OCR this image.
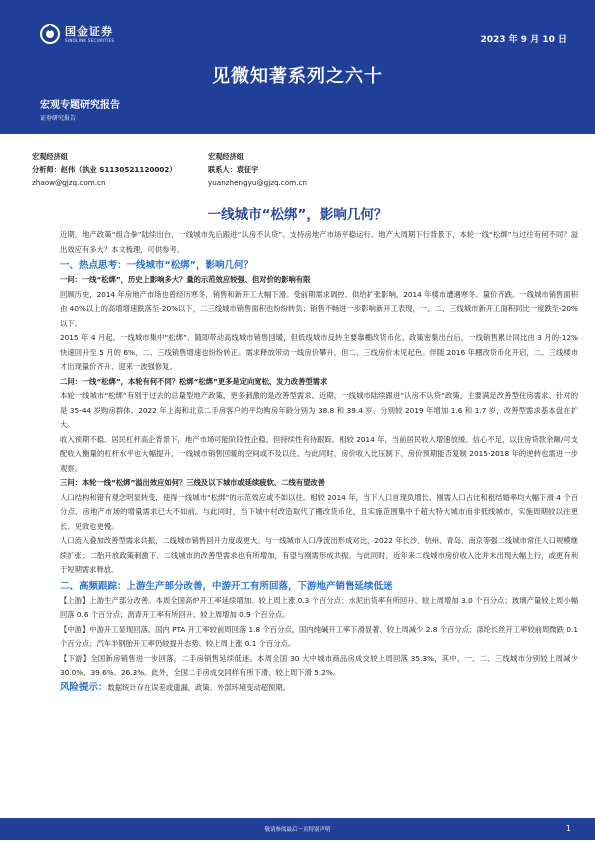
国金证券
SINOLINK SECURITIES	2023 年 9 月 10 日
见微知著系列之六十
宏观专题研究报告
证券研究报告
宏观经济组
分析师：赵伟（执业 S1130521120002）
zhaow@gjzq.com.cn
宏观经济组
联系人：袁征宇
yuanzhengyu@gjzq.com.cn
一线城市“松绑”，影响几何？

近期，地产政策“组合拳”陆续出台，一线城市先后跟进“认房不认贷”、支持房地产市场平稳运行。地产大周期下行背景下，本轮一线“松绑”与过往有何不同？溢出效应有多大？本文梳理，可供参考。

一、热点思考：一线城市“松绑”，影响几何？
一问：一线“松绑”，历史上影响多大？量的示范效应较强、但对价的影响有限

回顾历史，2014 年房地产市场也曾经历寒冬，销售和新开工大幅下滑。受前期需求调控、供给扩张影响，2014 年楼市遭遇寒冬、量价齐跌。一线城市销售面积由 40%以上的高增增速跌落至-20%以下，二三线城市销售面积也纷纷转负；销售不畅进一步影响新开工表现，一、二、三线城市新开工面积同比一度跌至-20%以下。

2015 年 4 月起，一线城市集中“松绑”、随即带动高线城市销售回暖，但低线城市反转主要靠棚改货币化。政策密集出台后，一线销售累计同比由 3 月的-12%快速回升至 5 月的 6%，二、三线销售增速也纷纷转正。需求释放带动一线房价攀升，但二、三线房价未见起色。伴随 2016 年棚改货币化开启，二、三线楼市才出现量价齐升、迎来一波强修复。

二问：一线“松绑”，本轮有何不同？松绑“松绑”更多是定向宽松、发力改善型需求

本轮一线城市“松绑”有别于过去的总量型地产政策，更多刺激的是改善型需求。近期，一线城市陆续跟进“认房不认贷”政策，主要满足改善型住房需求、针对的是 35-44 岁购房群体。2022 年上海和北京二手房客户的平均购房年龄分别为 38.8 和 39.4 岁、分别较 2019 年增加 1.6 和 1.7 岁，改善型需求基本盘在扩大。

收入预期不稳、居民杠杆高企背景下，地产市场可能阶段性企稳、但持续性有待跟踪。相较 2014 年，当前居民收入增速放缓、信心不足，以住房贷款余额/可支配收入衡量的杠杆水平也大幅提升，一线城市销售回暖的空间或不及以往。与此同时，房价收入比压制下、房价预期能否复制 2015-2018 年的逆转也需进一步观察。

三问：本轮一线“松绑”溢出效应如何？三线及以下城市或延续疲软、二线有望改善

人口结构和错有观念明显转变，使得一线城市“松绑”的示范效应或不如以往。相较 2014 年，当下人口首现负增长、刚需人口占比和租结婚率均大幅下滑 4 个百分点，房地产市场的增量需求已大不如前。与此同时，当下城中村改造取代了棚改货币化，且实施范围集中于超大特大城市而非低线城市，实施周期较以往更长、见效也更慢。

人口流入叠加改善型需求共振，二线城市销售回升力度或更大。与一线城市人口净流出形成对比，2022 年长沙、杭州、青岛、南京等强二线城市常住人口规模继续扩张；二胎开放政策刺激下、二线城市的改善型需求也有所增加，有望与刚需形成共振。与此同时，近年来二线城市房价收入比并未出现大幅上行，或更有利于短期需求释放。

二、高频跟踪：上游生产部分改善，中游开工有所回落，下游地产销售延续低迷

【上游】上游生产部分改善。本周全国高炉开工率延续增加、较上周上涨 0.3 个百分点；水泥出货率有所回升、较上周增加 3.0 个百分点；玻璃产量较上周小幅回落 0.6 个百分点；沥青开工率有所回升、较上周增加 0.9 个百分点。

【中游】中游开工显现回落。国内 PTA 开工率较前周回落 1.8 个百分点，国内纯碱开工率下滑显著、较上周减少 2.8 个百分点；涤纶长丝开工率较前周微跌 0.1 个百分点；汽车半钢胎开工率仍较提升态势、较上周上涨 0.1 个百分点。

【下游】全国新房销售进一步回落，二手房销售延续低迷。本周全国 30 大中城市商品房成交较上周回落 35.3%，其中，一、二、三线城市分别较上周减少 30.0%、39.6%、26.3%。此外，全国二手房成交同样有所下滑、较上周下滑 5.2%。

风险提示：数据统计存在误差或遗漏，政策、外部环境变动超预期。

敬请参阅最后一页特别声明	1
